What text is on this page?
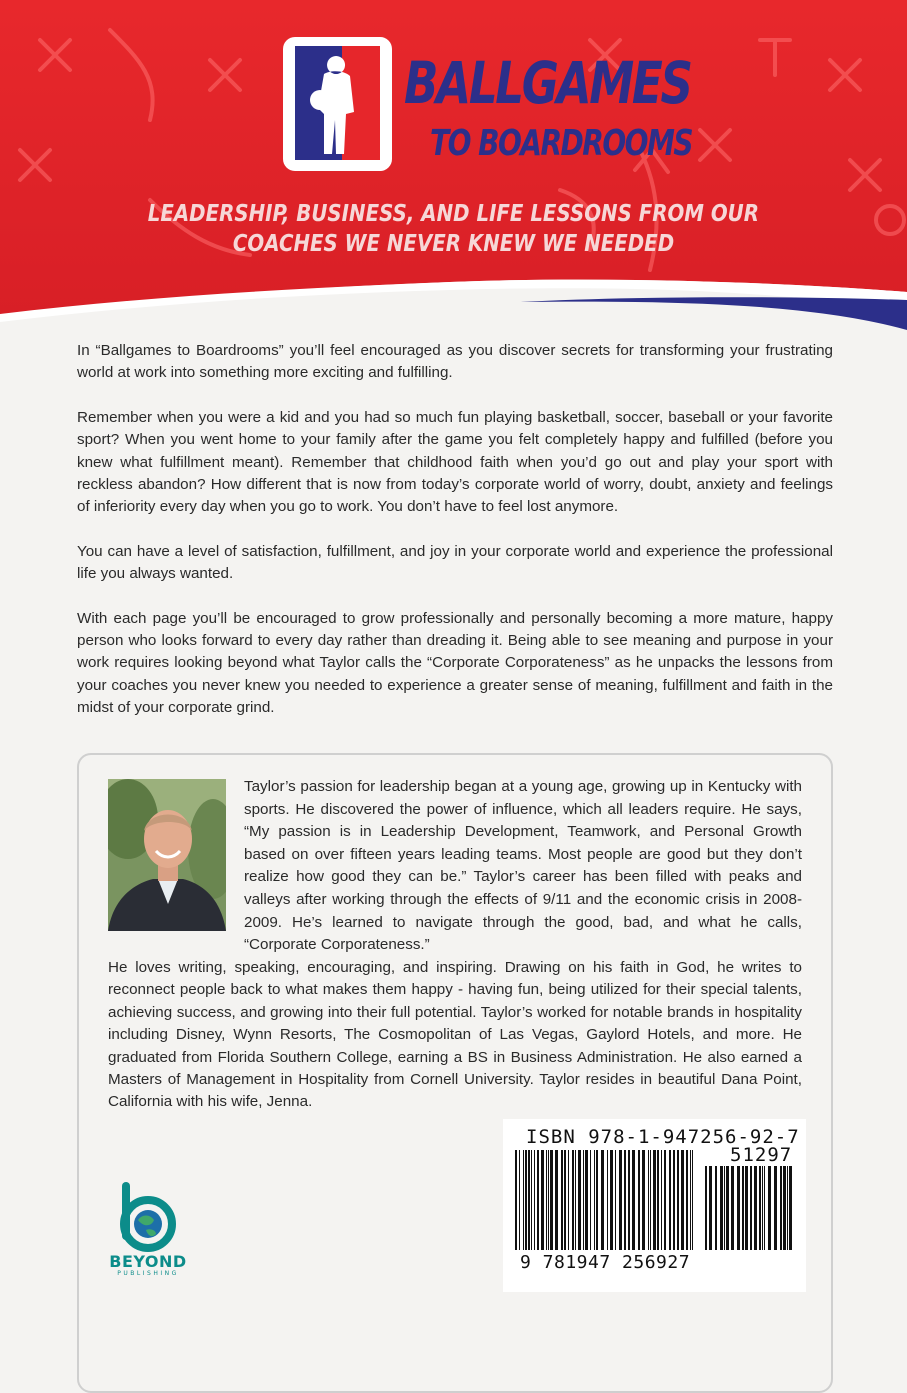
BALLGAMES
TO BOARDROOMS
LEADERSHIP, BUSINESS, AND LIFE LESSONS FROM OUR
COACHES WE NEVER KNEW WE NEEDED

In “Ballgames to Boardrooms” you’ll feel encouraged as you discover secrets for transforming your frustrating world at work into something more exciting and fulfilling.

Remember when you were a kid and you had so much fun playing basketball, soccer, baseball or your favorite sport? When you went home to your family after the game you felt completely happy and fulfilled (before you knew what fulfillment meant). Remember that childhood faith when you’d go out and play your sport with reckless abandon? How different that is now from today’s corporate world of worry, doubt, anxiety and feelings of inferiority every day when you go to work. You don’t have to feel lost anymore.

You can have a level of satisfaction, fulfillment, and joy in your corporate world and experience the professional life you always wanted.

With each page you’ll be encouraged to grow professionally and personally becoming a more mature, happy person who looks forward to every day rather than dreading it. Being able to see meaning and purpose in your work requires looking beyond what Taylor calls the “Corporate Corporateness” as he unpacks the lessons from your coaches you never knew you needed to experience a greater sense of meaning, fulfillment and faith in the midst of your corporate grind.

Taylor’s passion for leadership began at a young age, growing up in Kentucky with sports. He discovered the power of influence, which all leaders require. He says, “My passion is in Leadership Development, Teamwork, and Personal Growth based on over fifteen years leading teams. Most people are good but they don’t realize how good they can be.” Taylor’s career has been filled with peaks and valleys after working through the effects of 9/11 and the economic crisis in 2008-2009. He’s learned to navigate through the good, bad, and what he calls, “Corporate Corporateness.”

He loves writing, speaking, encouraging, and inspiring. Drawing on his faith in God, he writes to reconnect people back to what makes them happy - having fun, being utilized for their special talents, achieving success, and growing into their full potential. Taylor’s worked for notable brands in hospitality including Disney, Wynn Resorts, The Cosmopolitan of Las Vegas, Gaylord Hotels, and more. He graduated from Florida Southern College, earning a BS in Business Administration. He also earned a Masters of Management in Hospitality from Cornell University. Taylor resides in beautiful Dana Point, California with his wife, Jenna.

BEYOND
PUBLISHING
ISBN 978-1-947256-92-7
51297
9 781947 256927
